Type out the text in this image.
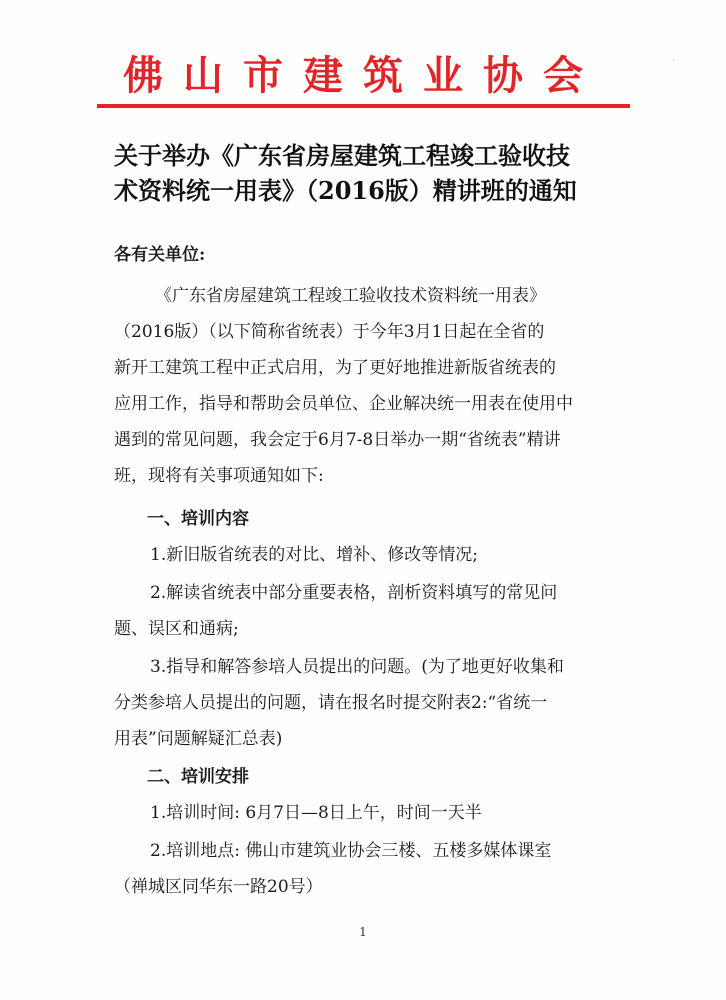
佛山市建筑业协会	·
关于举办《广东省房屋建筑工程竣工验收技
术资料统一用表》（2016版）精讲班的通知
各有关单位:
《广东省房屋建筑工程竣工验收技术资料统一用表》
（2016版）（以下简称省统表）于今年3月1日起在全省的
新开工建筑工程中正式启用，为了更好地推进新版省统表的
应用工作，指导和帮助会员单位、企业解决统一用表在使用中
遇到的常见问题，我会定于6月7-8日举办一期“省统表”精讲
班，现将有关事项通知如下:
一、培训内容
1.新旧版省统表的对比、增补、修改等情况;
2.解读省统表中部分重要表格，剖析资料填写的常见问
题、误区和通病;
3.指导和解答参培人员提出的问题。(为了地更好收集和
分类参培人员提出的问题，请在报名时提交附表2:“省统一
用表”问题解疑汇总表)
二、培训安排
1.培训时间: 6月7日—8日上午，时间一天半
2.培训地点: 佛山市建筑业协会三楼、五楼多媒体课室
（禅城区同华东一路20号）
1
